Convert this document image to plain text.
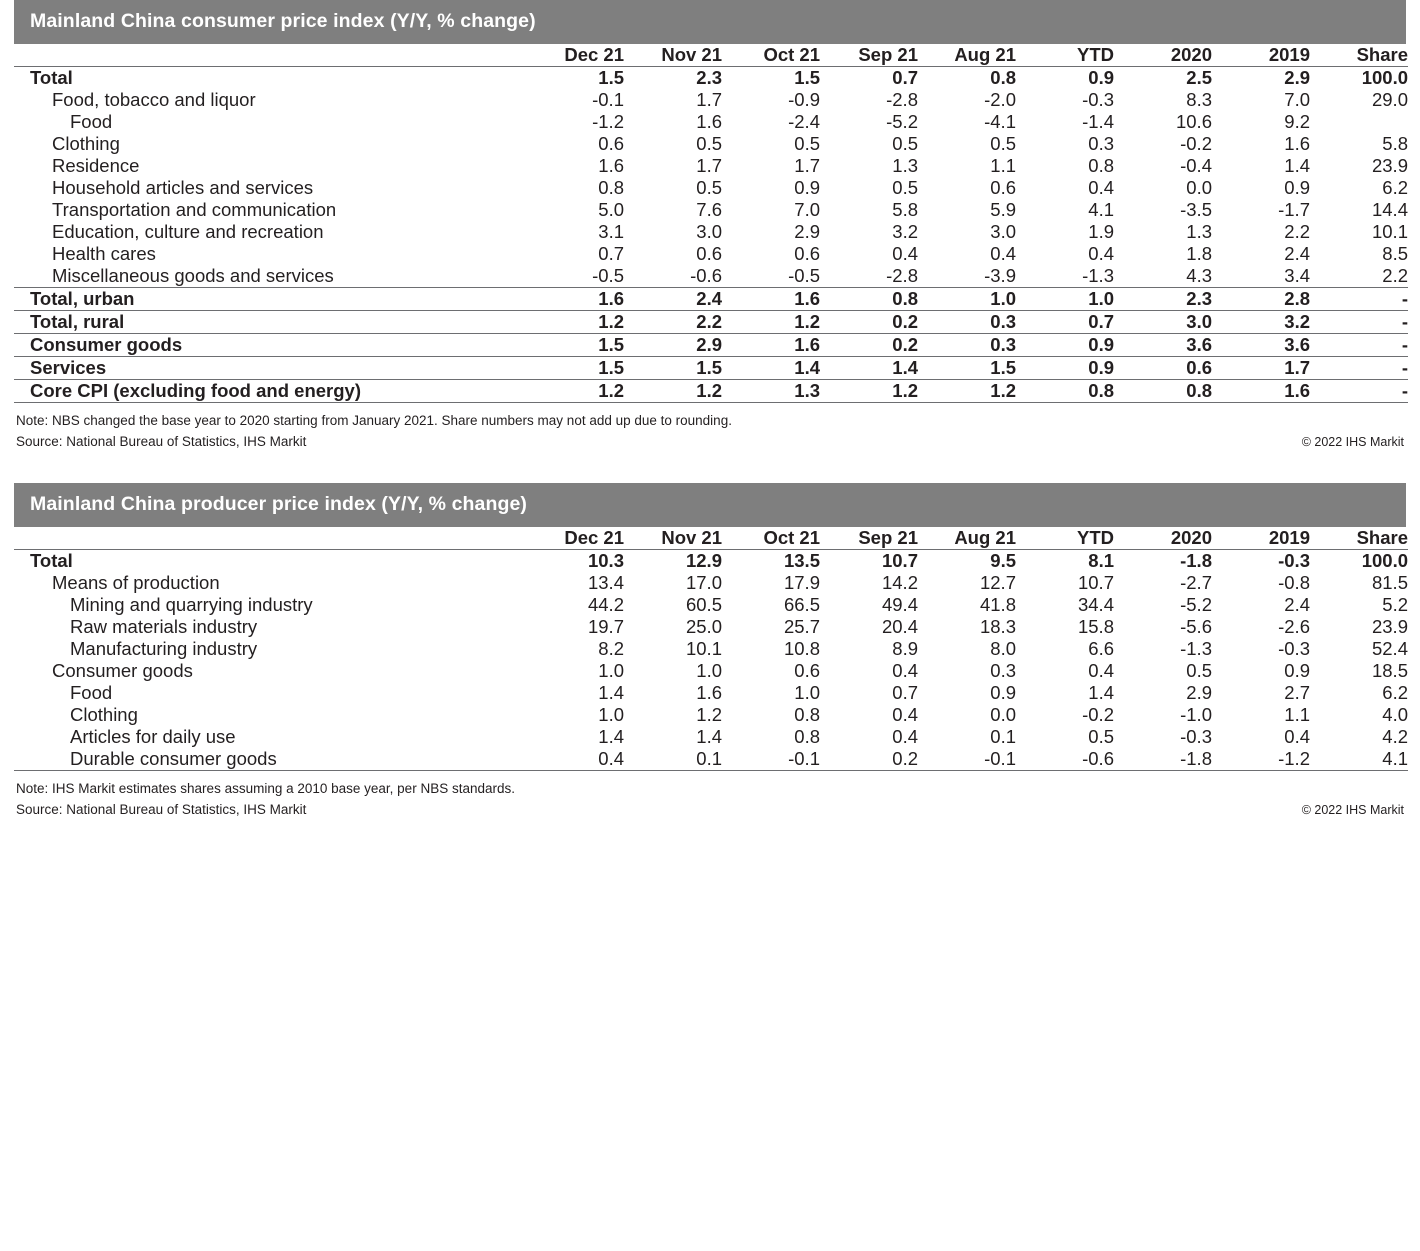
Mainland China consumer price index (Y/Y, % change)
	Dec 21	Nov 21	Oct 21	Sep 21	Aug 21	YTD	2020	2019	Share
Total	1.5	2.3	1.5	0.7	0.8	0.9	2.5	2.9	100.0
Food, tobacco and liquor	-0.1	1.7	-0.9	-2.8	-2.0	-0.3	8.3	7.0	29.0
Food	-1.2	1.6	-2.4	-5.2	-4.1	-1.4	10.6	9.2	
Clothing	0.6	0.5	0.5	0.5	0.5	0.3	-0.2	1.6	5.8
Residence	1.6	1.7	1.7	1.3	1.1	0.8	-0.4	1.4	23.9
Household articles and services	0.8	0.5	0.9	0.5	0.6	0.4	0.0	0.9	6.2
Transportation and communication	5.0	7.6	7.0	5.8	5.9	4.1	-3.5	-1.7	14.4
Education, culture and recreation	3.1	3.0	2.9	3.2	3.0	1.9	1.3	2.2	10.1
Health cares	0.7	0.6	0.6	0.4	0.4	0.4	1.8	2.4	8.5
Miscellaneous goods and services	-0.5	-0.6	-0.5	-2.8	-3.9	-1.3	4.3	3.4	2.2
Total, urban	1.6	2.4	1.6	0.8	1.0	1.0	2.3	2.8	-
Total, rural	1.2	2.2	1.2	0.2	0.3	0.7	3.0	3.2	-
Consumer goods	1.5	2.9	1.6	0.2	0.3	0.9	3.6	3.6	-
Services	1.5	1.5	1.4	1.4	1.5	0.9	0.6	1.7	-
Core CPI (excluding food and energy)	1.2	1.2	1.3	1.2	1.2	0.8	0.8	1.6	-
Note: NBS changed the base year to 2020 starting from January 2021. Share numbers may not add up due to rounding.
Source: National Bureau of Statistics, IHS Markit	© 2022 IHS Markit
Mainland China producer price index (Y/Y, % change)
	Dec 21	Nov 21	Oct 21	Sep 21	Aug 21	YTD	2020	2019	Share
Total	10.3	12.9	13.5	10.7	9.5	8.1	-1.8	-0.3	100.0
Means of production	13.4	17.0	17.9	14.2	12.7	10.7	-2.7	-0.8	81.5
Mining and quarrying industry	44.2	60.5	66.5	49.4	41.8	34.4	-5.2	2.4	5.2
Raw materials industry	19.7	25.0	25.7	20.4	18.3	15.8	-5.6	-2.6	23.9
Manufacturing industry	8.2	10.1	10.8	8.9	8.0	6.6	-1.3	-0.3	52.4
Consumer goods	1.0	1.0	0.6	0.4	0.3	0.4	0.5	0.9	18.5
Food	1.4	1.6	1.0	0.7	0.9	1.4	2.9	2.7	6.2
Clothing	1.0	1.2	0.8	0.4	0.0	-0.2	-1.0	1.1	4.0
Articles for daily use	1.4	1.4	0.8	0.4	0.1	0.5	-0.3	0.4	4.2
Durable consumer goods	0.4	0.1	-0.1	0.2	-0.1	-0.6	-1.8	-1.2	4.1
Note: IHS Markit estimates shares assuming a 2010 base year, per NBS standards.
Source: National Bureau of Statistics, IHS Markit	© 2022 IHS Markit
